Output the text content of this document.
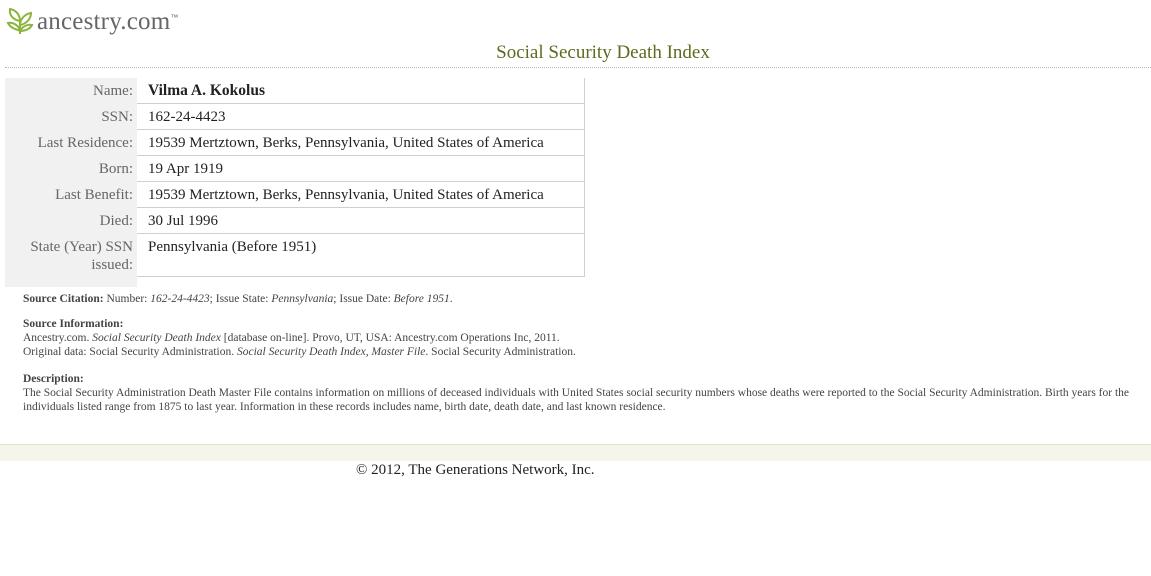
ancestry.com ™
Social Security Death Index
Name:	Vilma A. Kokolus
SSN:	162-24-4423
Last Residence:	19539 Mertztown, Berks, Pennsylvania, United States of America
Born:	19 Apr 1919
Last Benefit:	19539 Mertztown, Berks, Pennsylvania, United States of America
Died:	30 Jul 1996
State (Year) SSN issued:	Pennsylvania (Before 1951)

Source Citation: Number: 162-24-4423; Issue State: Pennsylvania; Issue Date: Before 1951.
Source Information:
Ancestry.com. Social Security Death Index [database on-line]. Provo, UT, USA: Ancestry.com Operations Inc, 2011.
Original data: Social Security Administration. Social Security Death Index, Master File. Social Security Administration.
Description:
The Social Security Administration Death Master File contains information on millions of deceased individuals with United States social security numbers whose deaths were reported to the Social Security Administration. Birth years for the individuals listed range from 1875 to last year. Information in these records includes name, birth date, death date, and last known residence.
© 2012, The Generations Network, Inc.
